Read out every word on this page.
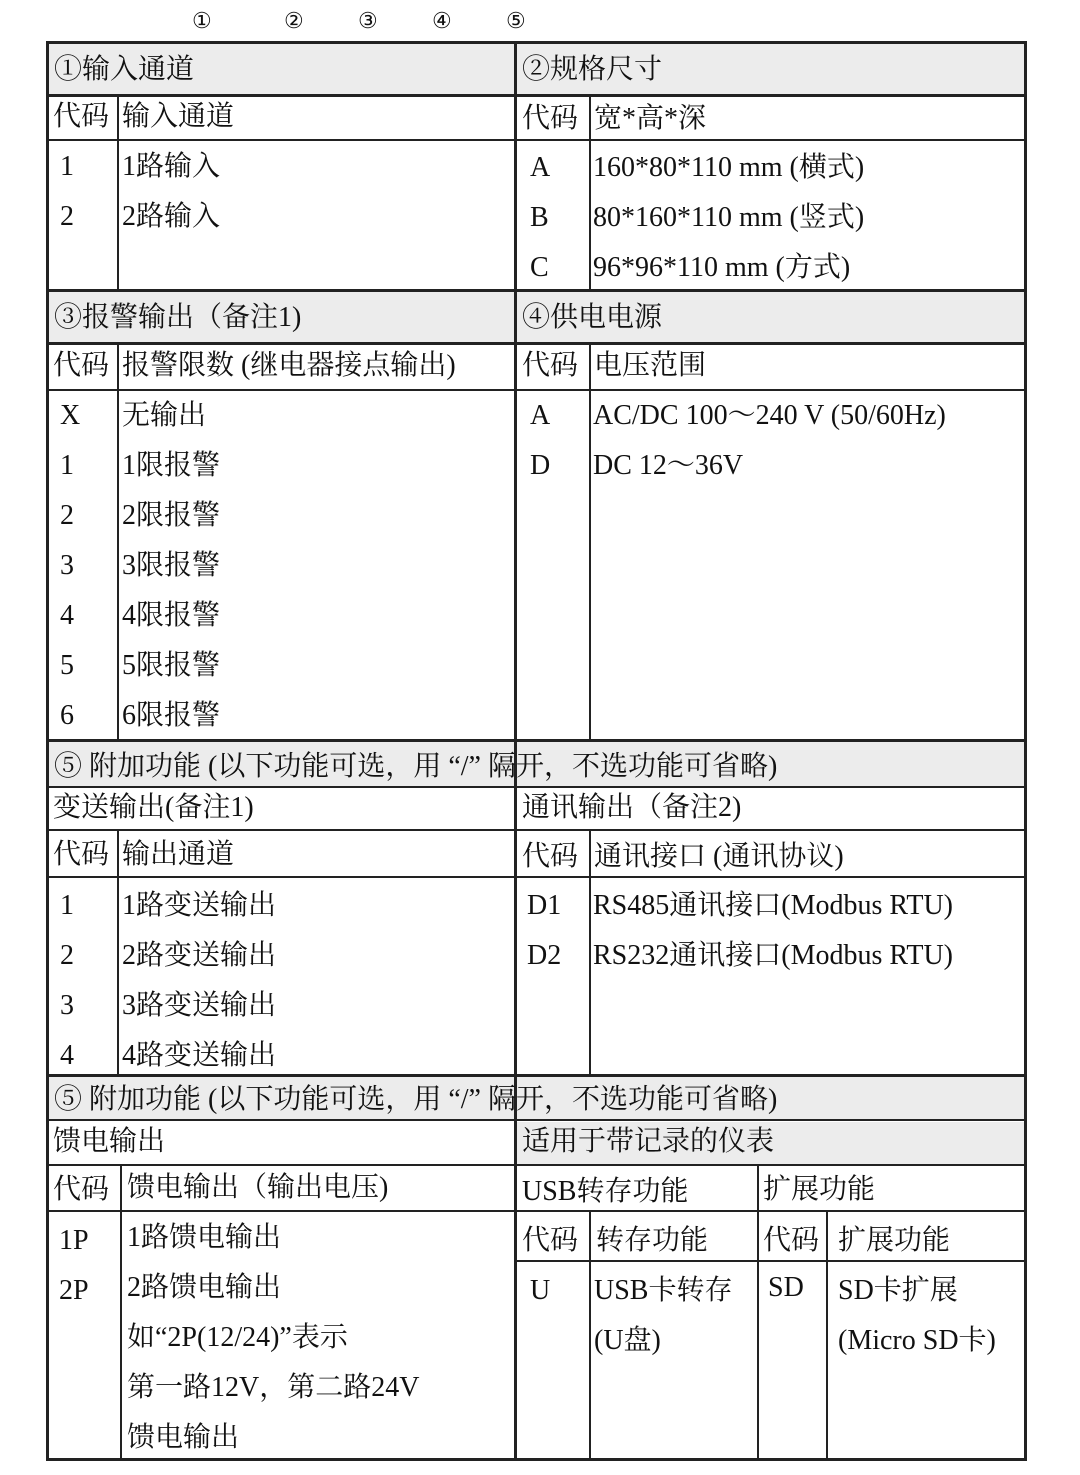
①	② ③ ④ ⑤
①输入通道
代码 输入通道
1 1路输入
2 2路输入
②规格尺寸
代码 宽*高*深
A 160*80*110 mm (横式)
B 80*160*110 mm (竖式)
C 96*96*110 mm (方式)
③报警输出（备注1)
代码 报警限数 (继电器接点输出)
X 无输出
1 1限报警
2 2限报警
3 3限报警
4 4限报警
5 5限报警
6 6限报警
④供电电源
代码 电压范围
A AC/DC 100～240 V (50/60Hz)
D DC 12～36V
⑤ 附加功能 (以下功能可选，用 “/” 隔开，不选功能可省略)
变送输出(备注1)
代码 输出通道
通讯输出（备注2)
代码 通讯接口 (通讯协议)
1 1路变送输出
2 2路变送输出
3 3路变送输出
4 4路变送输出
D1 RS485通讯接口(Modbus RTU)
D2 RS232通讯接口(Modbus RTU)
⑤ 附加功能 (以下功能可选，用 “/” 隔开，不选功能可省略)
馈电输出
代码 馈电输出（输出电压)
1P 1路馈电输出
2P 2路馈电输出
如“2P(12/24)”表示
第一路12V，第二路24V
馈电输出
适用于带记录的仪表
USB转存功能	扩展功能
代码 转存功能 代码 扩展功能
U USB卡转存
(U盘)
SD SD卡扩展
(Micro SD卡)
